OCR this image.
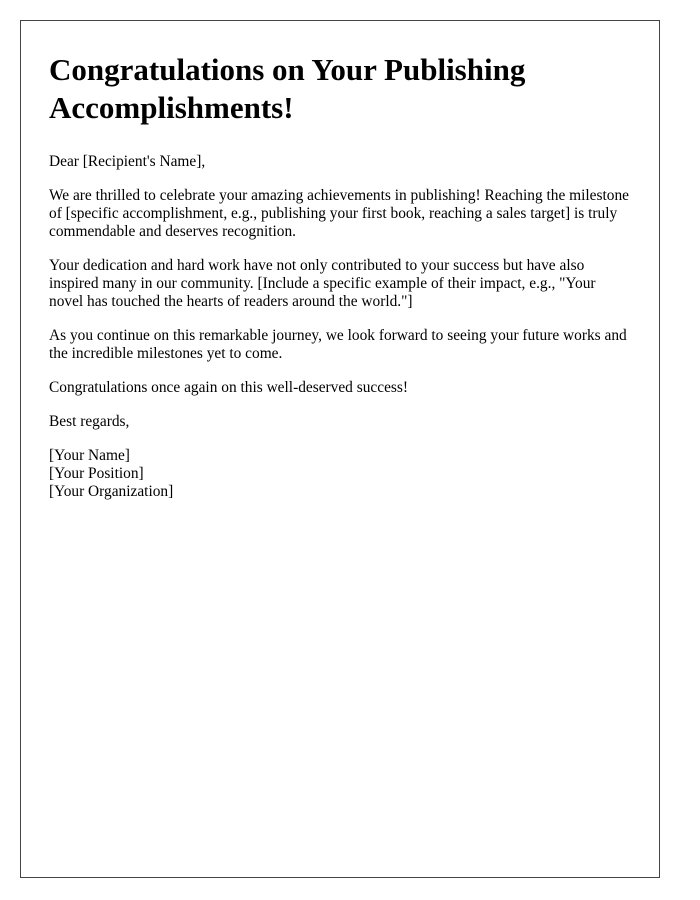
Congratulations on Your Publishing Accomplishments!

Dear [Recipient's Name],

We are thrilled to celebrate your amazing achievements in publishing! Reaching the milestone of [specific accomplishment, e.g., publishing your first book, reaching a sales target] is truly commendable and deserves recognition.

Your dedication and hard work have not only contributed to your success but have also inspired many in our community. [Include a specific example of their impact, e.g., "Your novel has touched the hearts of readers around the world."]

As you continue on this remarkable journey, we look forward to seeing your future works and the incredible milestones yet to come.

Congratulations once again on this well-deserved success!

Best regards,

[Your Name]

[Your Position]

[Your Organization]
